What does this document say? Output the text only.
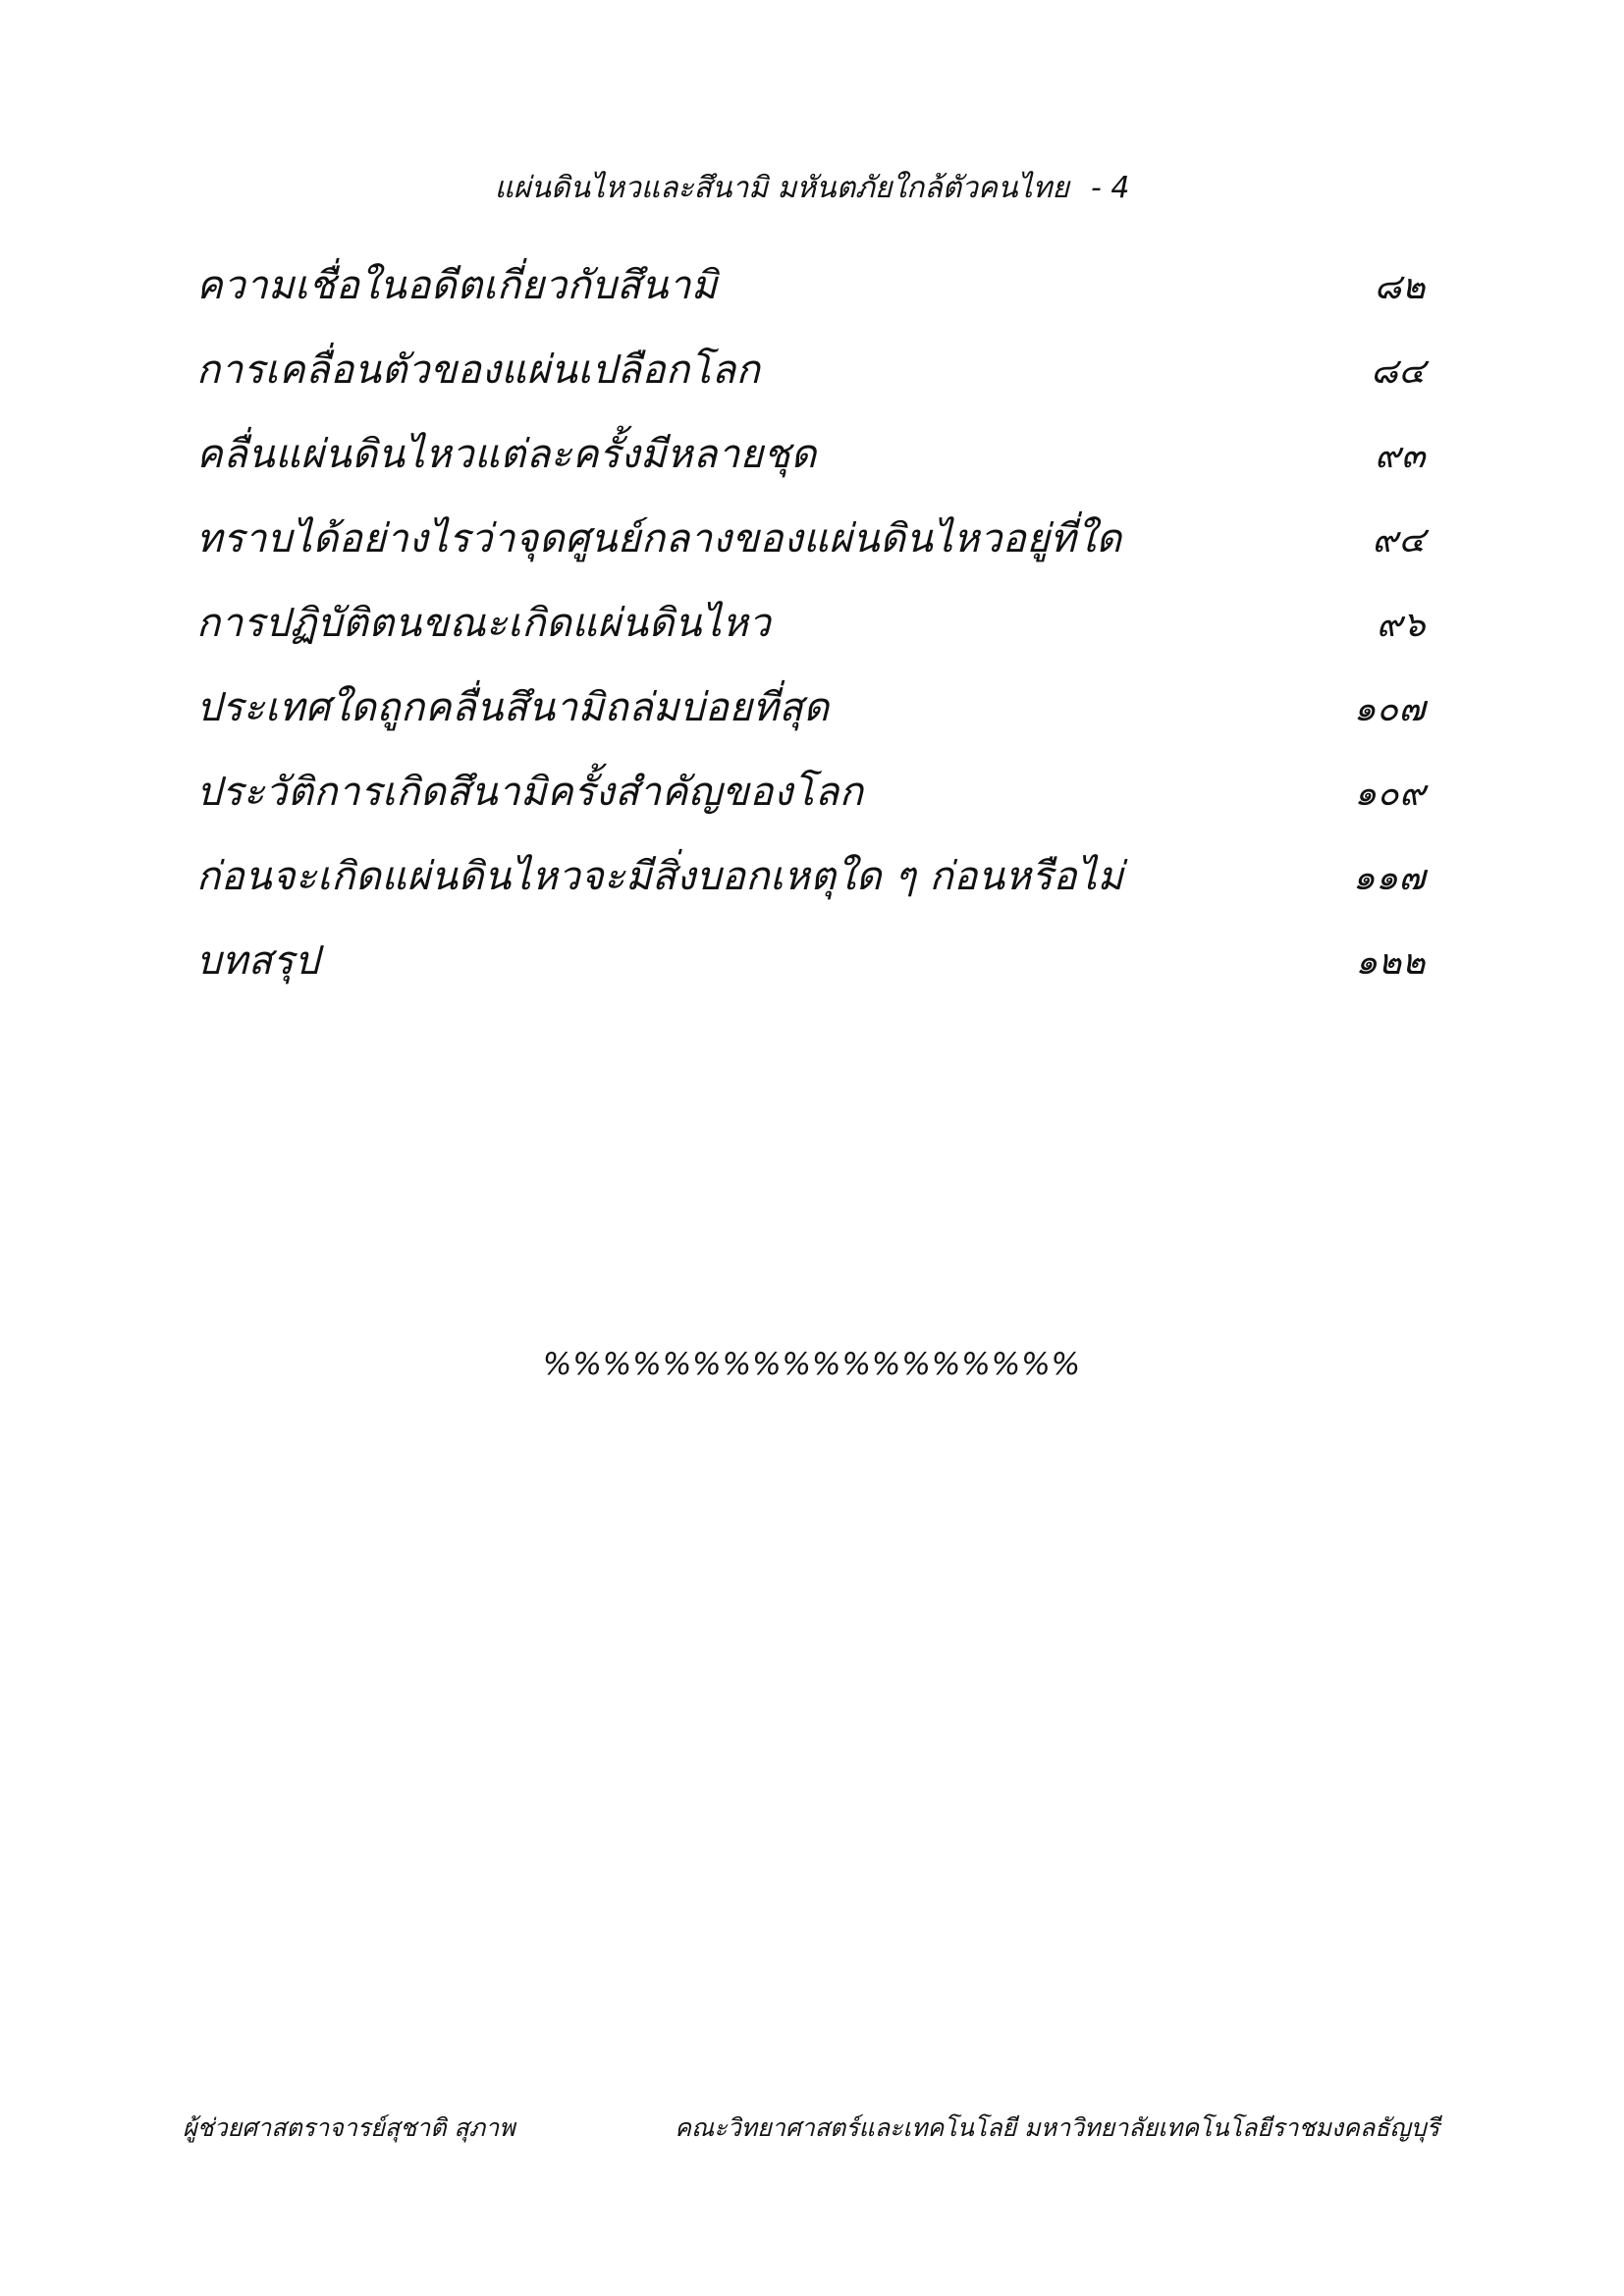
แผ่นดินไหวและสึนามิ มหันตภัยใกล้ตัวคนไทย - 4
ความเชื่อในอดีตเกี่ยวกับสึนามิ	๘๒
การเคลื่อนตัวของแผ่นเปลือกโลก	๘๔
คลื่นแผ่นดินไหวแต่ละครั้งมีหลายชุด	๙๓
ทราบได้อย่างไรว่าจุดศูนย์กลางของแผ่นดินไหวอยู่ที่ใด	๙๔
การปฏิบัติตนขณะเกิดแผ่นดินไหว	๙๖
ประเทศใดถูกคลื่นสึนามิถล่มบ่อยที่สุด	๑๐๗
ประวัติการเกิดสึนามิครั้งสำคัญของโลก	๑๐๙
ก่อนจะเกิดแผ่นดินไหวจะมีสิ่งบอกเหตุใด ๆ ก่อนหรือไม่	๑๑๗
บทสรุป	๑๒๒
%%%%%%%%%%%%%%%%%%
ผู้ช่วยศาสตราจารย์สุชาติ สุภาพ	คณะวิทยาศาสตร์และเทคโนโลยี มหาวิทยาลัยเทคโนโลยีราชมงคลธัญบุรี
